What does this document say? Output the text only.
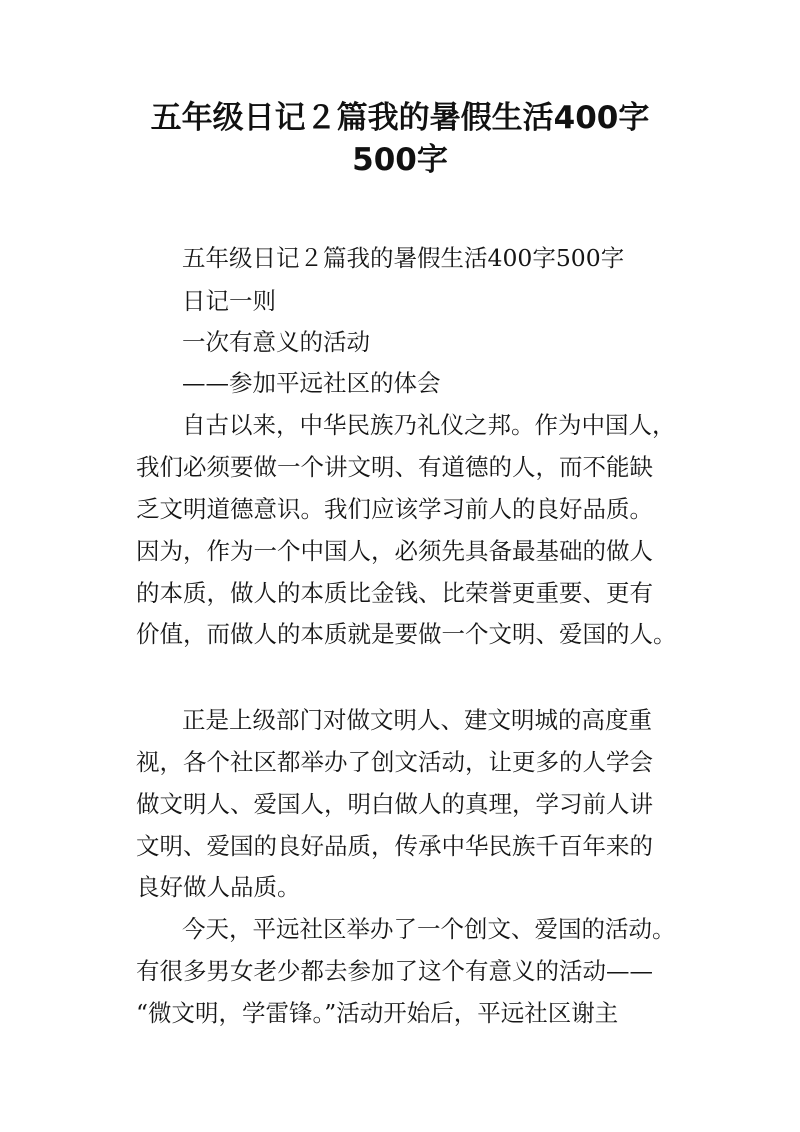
五年级日记２篇我的暑假生活400字
500字
五年级日记２篇我的暑假生活400字500字
日记一则
一次有意义的活动
——参加平远社区的体会
自古以来，中华民族乃礼仪之邦。作为中国人，
我们必须要做一个讲文明、有道德的人，而不能缺
乏文明道德意识。我们应该学习前人的良好品质。
因为，作为一个中国人，必须先具备最基础的做人
的本质，做人的本质比金钱、比荣誉更重要、更有
价值，而做人的本质就是要做一个文明、爱国的人。
正是上级部门对做文明人、建文明城的高度重
视，各个社区都举办了创文活动，让更多的人学会
做文明人、爱国人，明白做人的真理，学习前人讲
文明、爱国的良好品质，传承中华民族千百年来的
良好做人品质。
今天，平远社区举办了一个创文、爱国的活动。
有很多男女老少都去参加了这个有意义的活动——
“微文明，学雷锋。”活动开始后，平远社区谢主
